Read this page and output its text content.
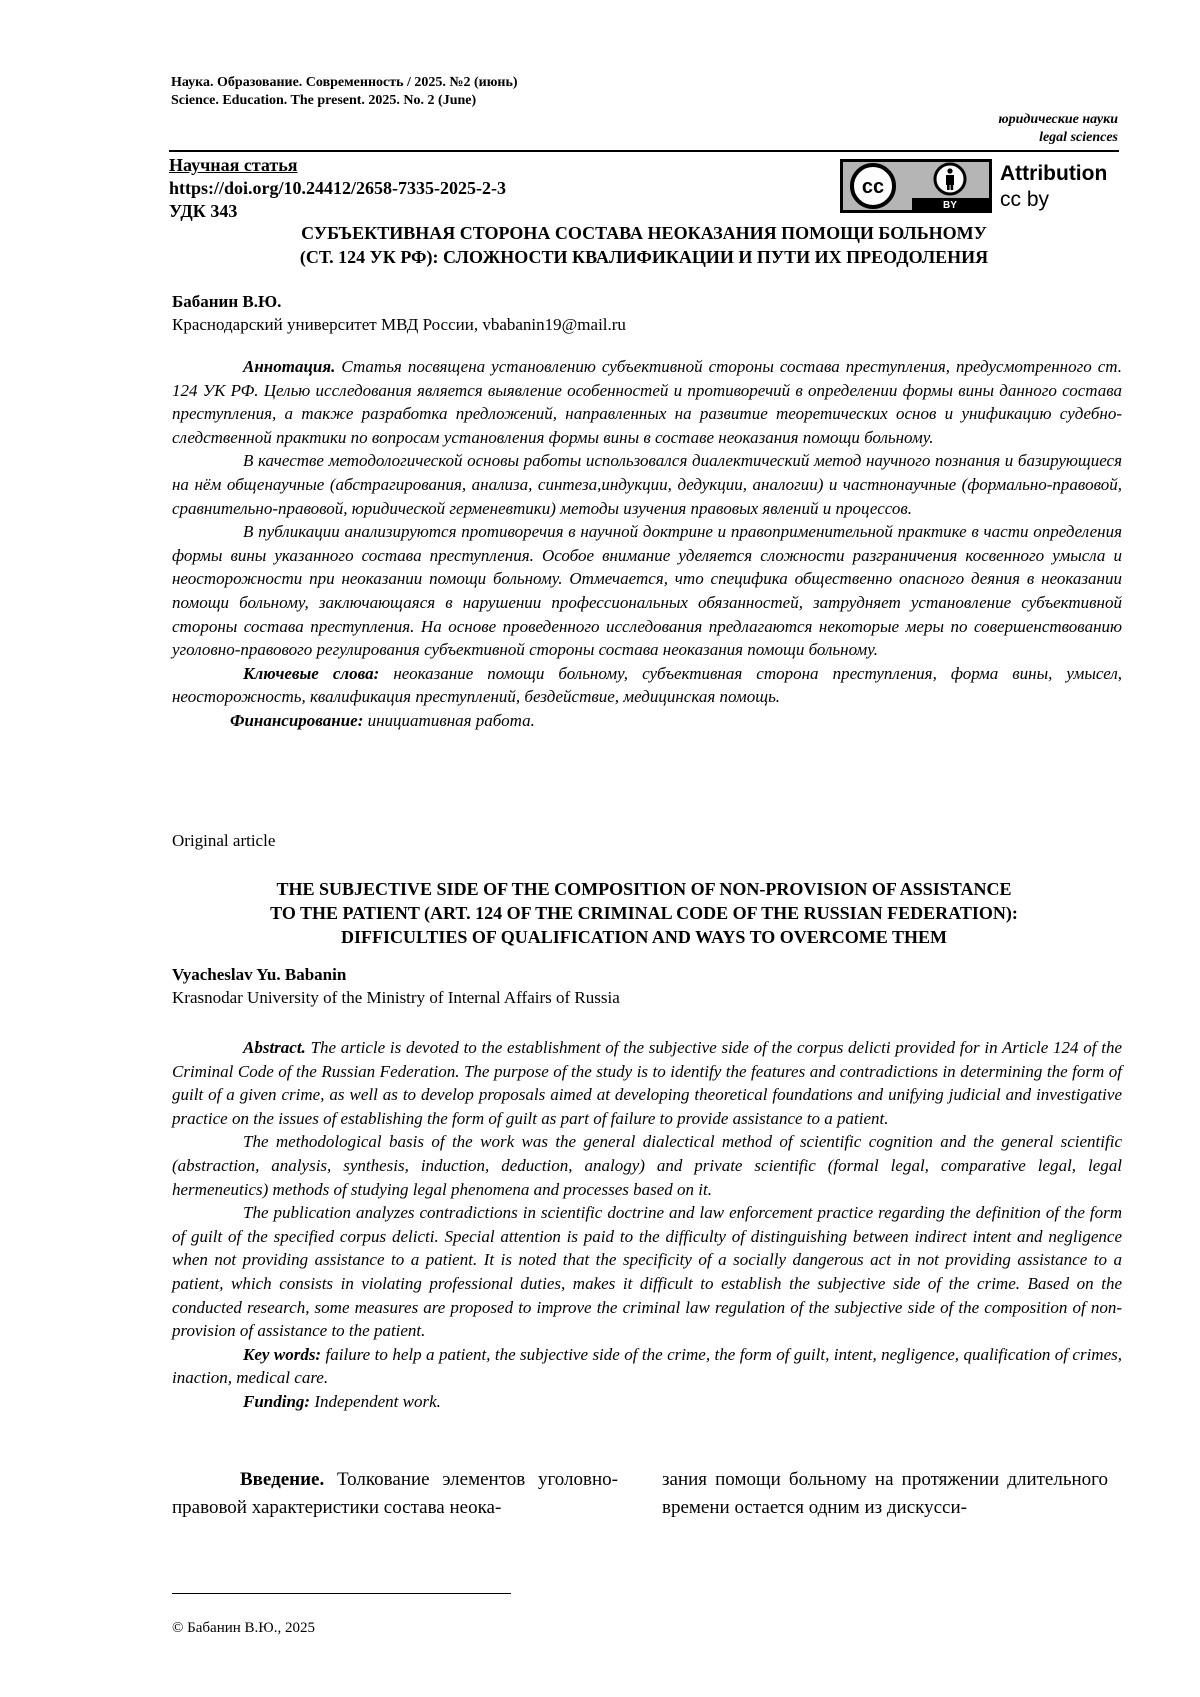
Наука. Образование. Современность / 2025. №2 (июнь)
Science. Education. The present. 2025. No. 2 (June)
юридические науки
legal sciences
Научная статья
https://doi.org/10.24412/2658-7335-2025-2-3
УДК 343
cc
BY
Attribution
cc by
СУБЪЕКТИВНАЯ СТОРОНА СОСТАВА НЕОКАЗАНИЯ ПОМОЩИ БОЛЬНОМУ
(СТ. 124 УК РФ): СЛОЖНОСТИ КВАЛИФИКАЦИИ И ПУТИ ИХ ПРЕОДОЛЕНИЯ
Бабанин В.Ю.
Краснодарский университет МВД России, vbabanin19@mail.ru

Аннотация. Статья посвящена установлению субъективной стороны состава преступления, предусмотренного ст. 124 УК РФ. Целью исследования является выявление особенностей и противоречий в определении формы вины данного состава преступления, а также разработка предложений, направленных на развитие теоретических основ и унификацию судебно-следственной практики по вопросам установления формы вины в составе неоказания помощи больному.

В качестве методологической основы работы использовался диалектический метод научного познания и базирующиеся на нём общенаучные (абстрагирования, анализа, синтеза,индукции, дедукции, аналогии) и частнонаучные (формально-правовой, сравнительно-правовой, юридической герменевтики) методы изучения правовых явлений и процессов.

В публикации анализируются противоречия в научной доктрине и правоприменительной практике в части определения формы вины указанного состава преступления. Особое внимание уделяется сложности разграничения косвенного умысла и неосторожности при неоказании помощи больному. Отмечается, что специфика общественно опасного деяния в неоказании помощи больному, заключающаяся в нарушении профессиональных обязанностей, затрудняет установление субъективной стороны состава преступления. На основе проведенного исследования предлагаются некоторые меры по совершенствованию уголовно-правового регулирования субъективной стороны состава неоказания помощи больному.

Ключевые слова: неоказание помощи больному, субъективная сторона преступления, форма вины, умысел, неосторожность, квалификация преступлений, бездействие, медицинская помощь.

Финансирование: инициативная работа.

Original article
THE SUBJECTIVE SIDE OF THE COMPOSITION OF NON-PROVISION OF ASSISTANCE
TO THE PATIENT (ART. 124 OF THE CRIMINAL CODE OF THE RUSSIAN FEDERATION):
DIFFICULTIES OF QUALIFICATION AND WAYS TO OVERCOME THEM
Vyacheslav Yu. Babanin
Krasnodar University of the Ministry of Internal Affairs of Russia

Abstract. The article is devoted to the establishment of the subjective side of the corpus delicti provided for in Article 124 of the Criminal Code of the Russian Federation. The purpose of the study is to identify the features and contradictions in determining the form of guilt of a given crime, as well as to develop proposals aimed at developing theoretical foundations and unifying judicial and investigative practice on the issues of establishing the form of guilt as part of failure to provide assistance to a patient.

The methodological basis of the work was the general dialectical method of scientific cognition and the general scientific (abstraction, analysis, synthesis, induction, deduction, analogy) and private scientific (formal legal, comparative legal, legal hermeneutics) methods of studying legal phenomena and processes based on it.

The publication analyzes contradictions in scientific doctrine and law enforcement practice regarding the definition of the form of guilt of the specified corpus delicti. Special attention is paid to the difficulty of distinguishing between indirect intent and negligence when not providing assistance to a patient. It is noted that the specificity of a socially dangerous act in not providing assistance to a patient, which consists in violating professional duties, makes it difficult to establish the subjective side of the crime. Based on the conducted research, some measures are proposed to improve the criminal law regulation of the subjective side of the composition of non-provision of assistance to the patient.

Key words: failure to help a patient, the subjective side of the crime, the form of guilt, intent, negligence, qualification of crimes, inaction, medical care.

Funding: Independent work.

Введение. Толкование элементов уголовно-правовой характеристики состава неока-
зания помощи больному на протяжении длительного времени остается одним из дискусси-
© Бабанин В.Ю., 2025
